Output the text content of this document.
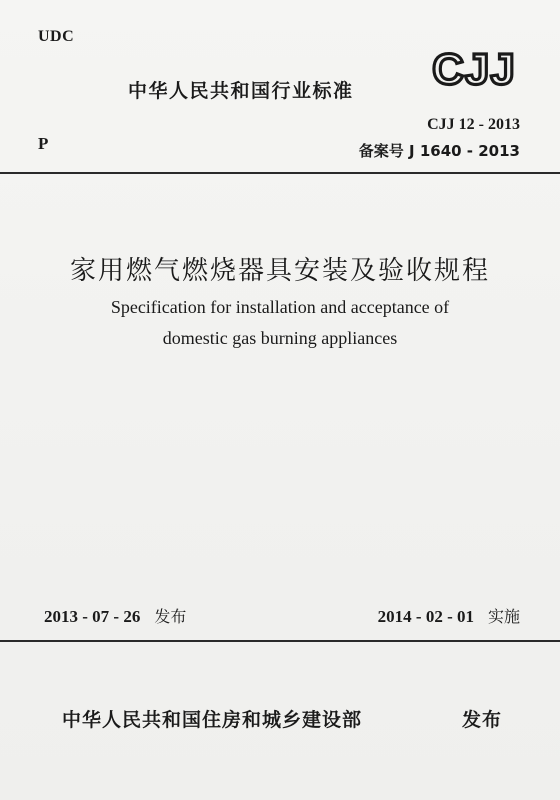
UDC
CJJ
中华人民共和国行业标准
P
CJJ 12 - 2013
备案号 J 1640 - 2013
家用燃气燃烧器具安装及验收规程
Specification for installation and acceptance of
domestic gas burning appliances
2013 - 07 - 26 发布	2014 - 02 - 01 实施
中华人民共和国住房和城乡建设部	发布
